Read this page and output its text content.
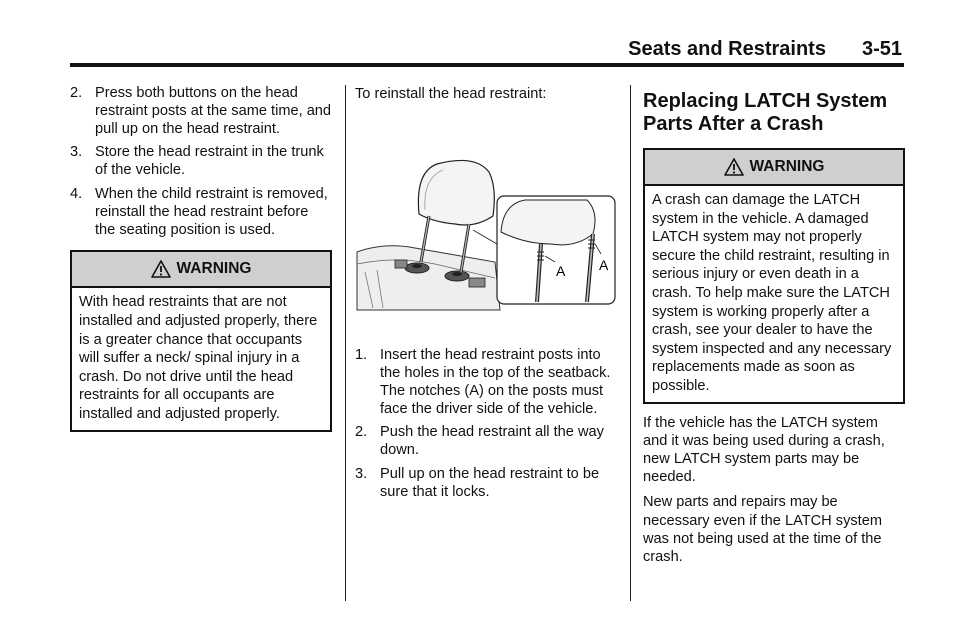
Seats and Restraints 3-51
2. Press both buttons on the head restraint posts at the same time, and pull up on the head restraint.
3. Store the head restraint in the trunk of the vehicle.
4. When the child restraint is removed, reinstall the head restraint before the seating position is used.
WARNING
With head restraints that are not installed and adjusted properly, there is a greater chance that occupants will suffer a neck/ spinal injury in a crash. Do not drive until the head restraints for all occupants are installed and adjusted properly.

To reinstall the head restraint:

A A
1. Insert the head restraint posts into the holes in the top of the seatback. The notches (A) on the posts must face the driver side of the vehicle.
2. Push the head restraint all the way down.
3. Pull up on the head restraint to be sure that it locks.
Replacing LATCH System Parts After a Crash
WARNING
A crash can damage the LATCH system in the vehicle. A damaged LATCH system may not properly secure the child restraint, resulting in serious injury or even death in a crash. To help make sure the LATCH system is working properly after a crash, see your dealer to have the system inspected and any necessary replacements made as soon as possible.

If the vehicle has the LATCH system and it was being used during a crash, new LATCH system parts may be needed.

New parts and repairs may be necessary even if the LATCH system was not being used at the time of the crash.
